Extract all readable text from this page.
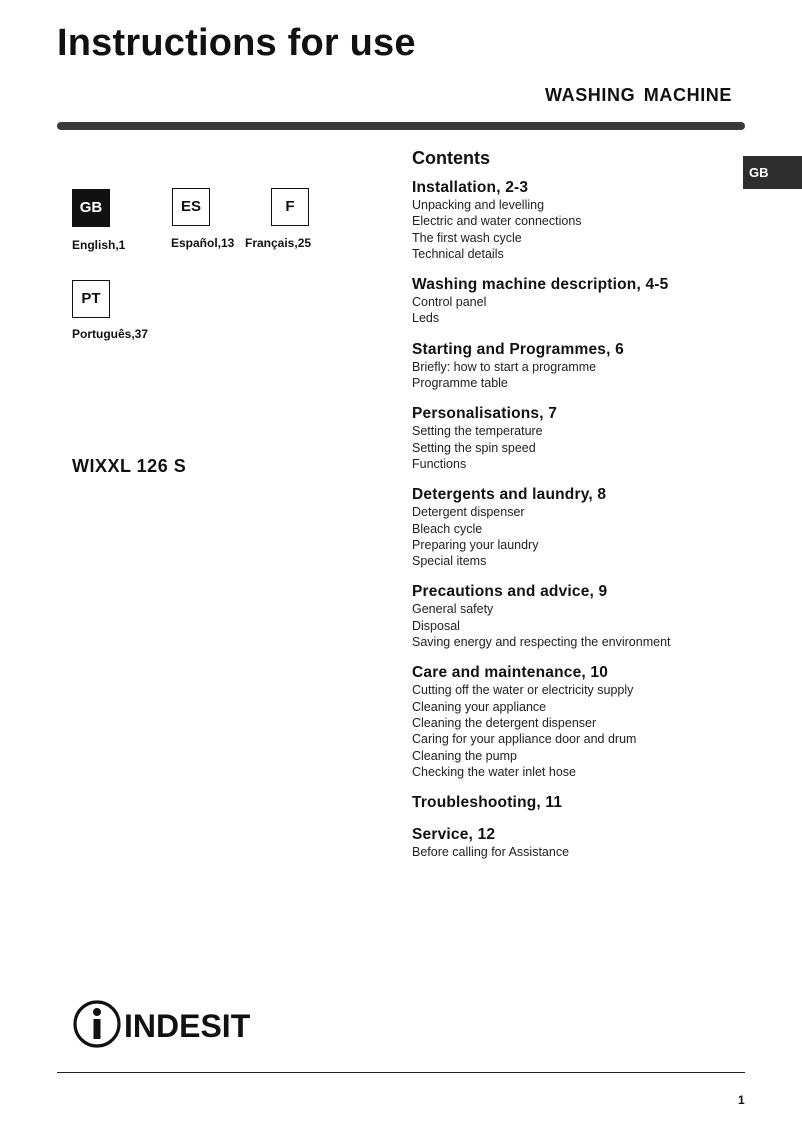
Instructions for use
WASHING MACHINE
GB
GB
English,1
ES
Español,13
F
Français,25
PT
Português,37
WIXXL 126 S
Contents
Installation, 2-3
Unpacking and levelling
Electric and water connections
The first wash cycle
Technical details
Washing machine description, 4-5
Control panel
Leds
Starting and Programmes, 6
Briefly: how to start a programme
Programme table
Personalisations, 7
Setting the temperature
Setting the spin speed
Functions
Detergents and laundry, 8
Detergent dispenser
Bleach cycle
Preparing your laundry
Special items
Precautions and advice, 9
General safety
Disposal
Saving energy and respecting the environment
Care and maintenance, 10
Cutting off the water or electricity supply
Cleaning your appliance
Cleaning the detergent dispenser
Caring for your appliance door and drum
Cleaning the pump
Checking the water inlet hose
Troubleshooting, 11
Service, 12
Before calling for Assistance
INDESIT
1
